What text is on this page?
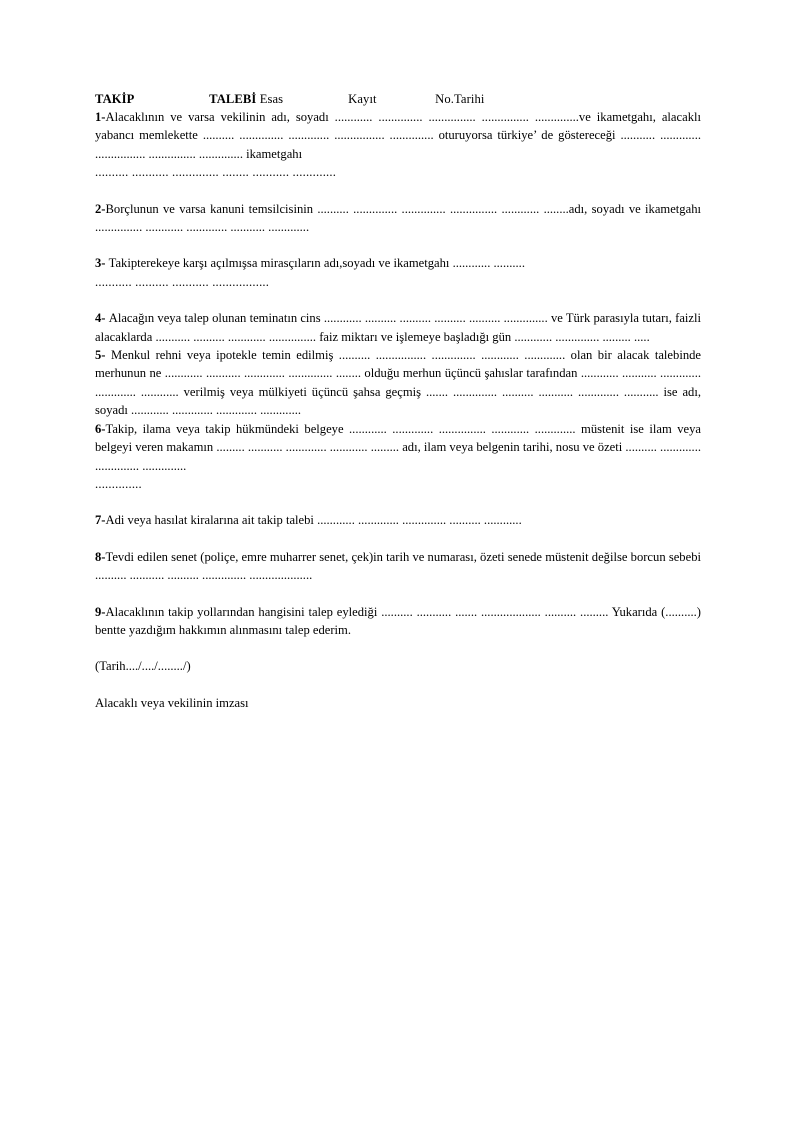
TAKİP	TALEBİ Esas	Kayıt	No.Tarihi

1-Alacaklının ve varsa vekilinin adı, soyadı ............ .............. ............... ............... ..............ve ikametgahı, alacaklı yabancı memlekette .......... .............. ............. ................ .............. oturuyorsa türkiye’ de göstereceği ........... ............. ................ ............... .............. ikametgahı

.......... ........... .............. ........ ........... .............

2-Borçlunun ve varsa kanuni temsilcisinin .......... .............. .............. ............... ............ ........adı, soyadı ve ikametgahı ............... ............ ............. ........... .............

3- Takipterekeye karşı açılmışsa mirasçıların adı,soyadı ve ikametgahı ............ ..........

........... .......... ........... .................

4- Alacağın veya talep olunan teminatın cins ............ .......... .......... .......... .......... .............. ve Türk parasıyla tutarı, faizli alacaklarda ........... .......... ............ ............... faiz miktarı ve işlemeye başladığı gün ............ .............. ......... .....

5- Menkul rehni veya ipotekle temin edilmiş .......... ................ .............. ............ ............. olan bir alacak talebinde merhunun ne ............ ........... ............. .............. ........ olduğu merhun üçüncü şahıslar tarafından ............ ........... ............. ............. ............ verilmiş veya mülkiyeti üçüncü şahsa geçmiş ....... .............. .......... ........... ............. ........... ise adı, soyadı ............ ............. ............. .............

6-Takip, ilama veya takip hükmündeki belgeye ............ ............. ............... ............ ............. müstenit ise ilam veya belgeyi veren makamın ......... ........... ............. ............ ......... adı, ilam veya belgenin tarihi, nosu ve özeti .......... ............. .............. ..............

..............

7-Adi veya hasılat kiralarına ait takip talebi ............ ............. .............. .......... ............

8-Tevdi edilen senet (poliçe, emre muharrer senet, çek)in tarih ve numarası, özeti senede müstenit değilse borcun sebebi .......... ........... .......... .............. ....................

9-Alacaklının takip yollarından hangisini talep eylediği .......... ........... ....... ................... .......... ......... Yukarıda (..........) bentte yazdığım hakkımın alınmasını talep ederim.

(Tarih..../..../......../)

Alacaklı veya vekilinin imzası
